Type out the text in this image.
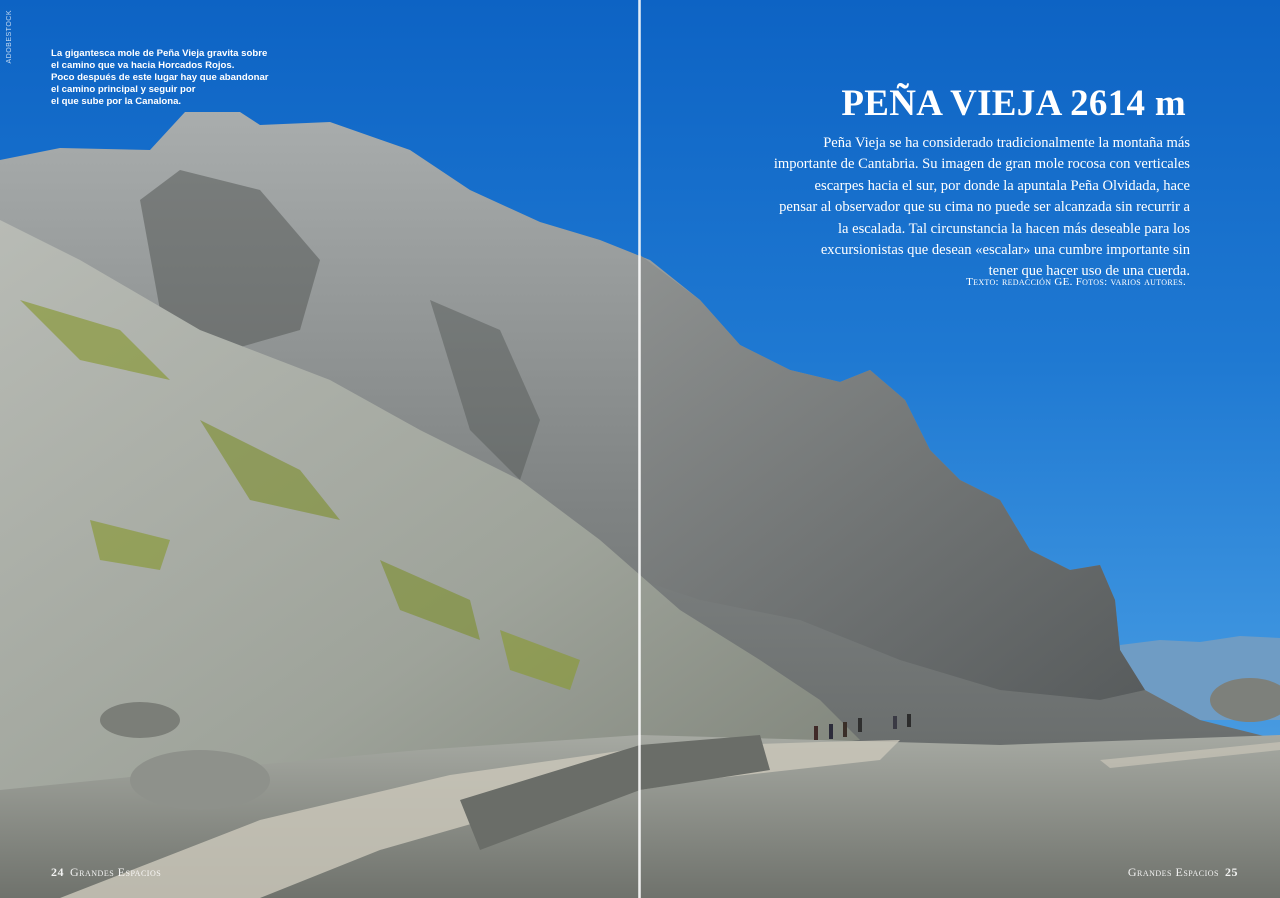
ADOBESTOCK	La gigantesca mole de Peña Vieja gravita sobre
el camino que va hacia Horcados Rojos.
Poco después de este lugar hay que abandonar
el camino principal y seguir por
el que sube por la Canalona.	PEÑA VIEJA 2614 m
Peña Vieja se ha considerado tradicionalmente la montaña más
importante de Cantabria. Su imagen de gran mole rocosa con verticales
escarpes hacia el sur, por donde la apuntala Peña Olvidada, hace
pensar al observador que su cima no puede ser alcanzada sin recurrir a
la escalada. Tal circunstancia la hacen más deseable para los
excursionistas que desean «escalar» una cumbre importante sin
tener que hacer uso de una cuerda.
Texto: redacción GE. Fotos: varios autores.
24 Grandes Espacios	Grandes Espacios 25
